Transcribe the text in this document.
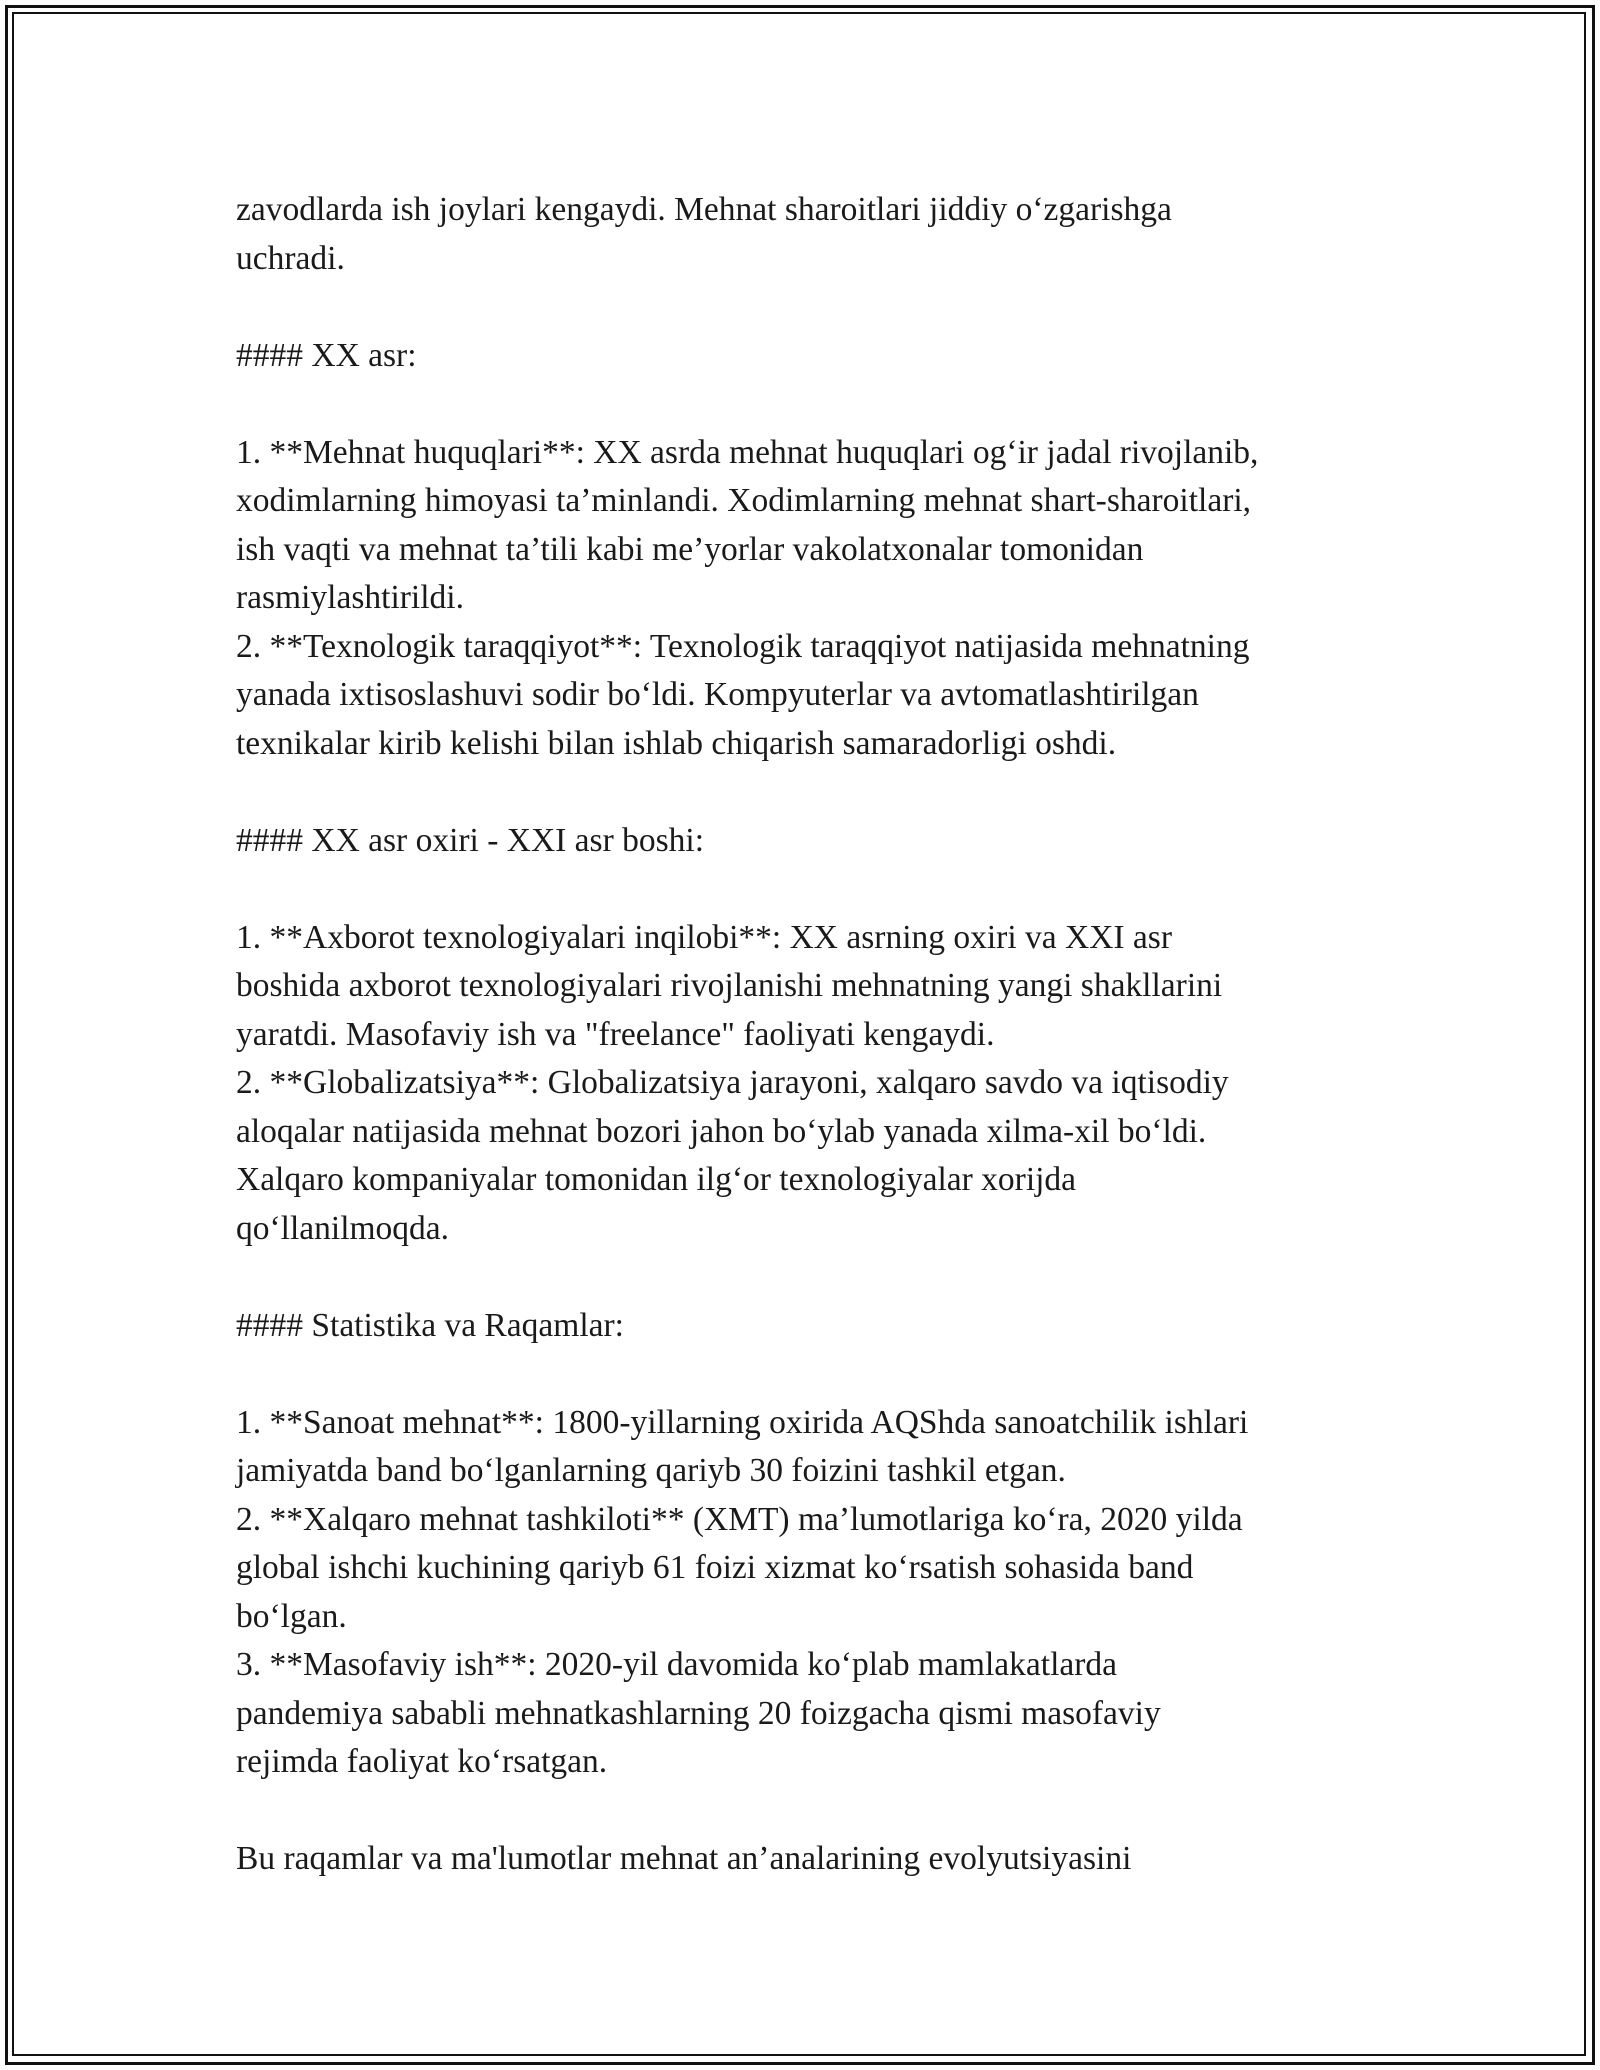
zavodlarda ish joylari kengaydi. Mehnat sharoitlari jiddiy o‘zgarishga
uchradi.

#### XX asr:

1. **Mehnat huquqlari**: XX asrda mehnat huquqlari og‘ir jadal rivojlanib,
xodimlarning himoyasi ta’minlandi. Xodimlarning mehnat shart-sharoitlari,
ish vaqti va mehnat ta’tili kabi me’yorlar vakolatxonalar tomonidan
rasmiylashtirildi.

2. **Texnologik taraqqiyot**: Texnologik taraqqiyot natijasida mehnatning
yanada ixtisoslashuvi sodir bo‘ldi. Kompyuterlar va avtomatlashtirilgan
texnikalar kirib kelishi bilan ishlab chiqarish samaradorligi oshdi.

#### XX asr oxiri - XXI asr boshi:

1. **Axborot texnologiyalari inqilobi**: XX asrning oxiri va XXI asr
boshida axborot texnologiyalari rivojlanishi mehnatning yangi shakllarini
yaratdi. Masofaviy ish va "freelance" faoliyati kengaydi.

2. **Globalizatsiya**: Globalizatsiya jarayoni, xalqaro savdo va iqtisodiy
aloqalar natijasida mehnat bozori jahon bo‘ylab yanada xilma-xil bo‘ldi.
Xalqaro kompaniyalar tomonidan ilg‘or texnologiyalar xorijda
qo‘llanilmoqda.

#### Statistika va Raqamlar:

1. **Sanoat mehnat**: 1800-yillarning oxirida AQShda sanoatchilik ishlari
jamiyatda band bo‘lganlarning qariyb 30 foizini tashkil etgan.

2. **Xalqaro mehnat tashkiloti** (XMT) ma’lumotlariga ko‘ra, 2020 yilda
global ishchi kuchining qariyb 61 foizi xizmat ko‘rsatish sohasida band
bo‘lgan.

3. **Masofaviy ish**: 2020-yil davomida ko‘plab mamlakatlarda
pandemiya sababli mehnatkashlarning 20 foizgacha qismi masofaviy
rejimda faoliyat ko‘rsatgan.

Bu raqamlar va ma'lumotlar mehnat an’analarining evolyutsiyasini
